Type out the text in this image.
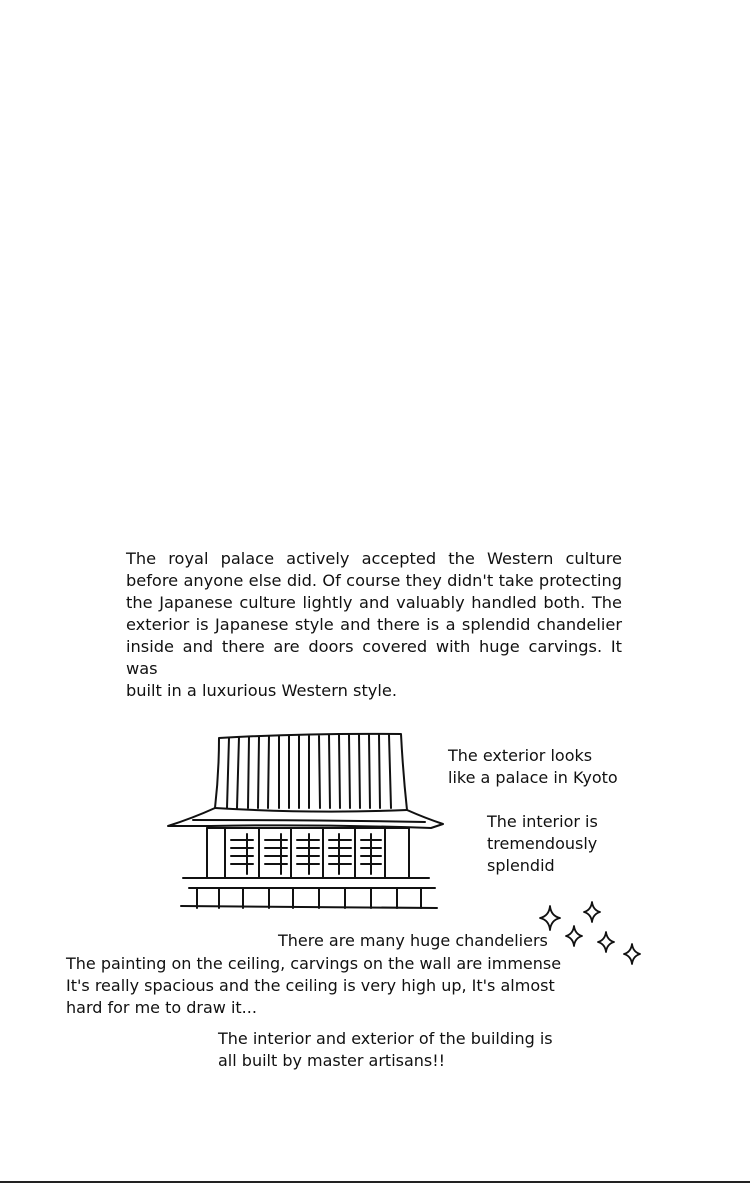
The royal palace actively accepted the Western culture
before anyone else did. Of course they didn't take protecting
the Japanese culture lightly and valuably handled both. The
exterior is Japanese style and there is a splendid chandelier
inside and there are doors covered with huge carvings. It was
built in a luxurious Western style.
The exterior looks
like a palace in Kyoto
The interior is
tremendously
splendid
There are many huge chandeliers
The painting on the ceiling, carvings on the wall are immense
It's really spacious and the ceiling is very high up, It's almost
hard for me to draw it...
The interior and exterior of the building is
all built by master artisans!!
